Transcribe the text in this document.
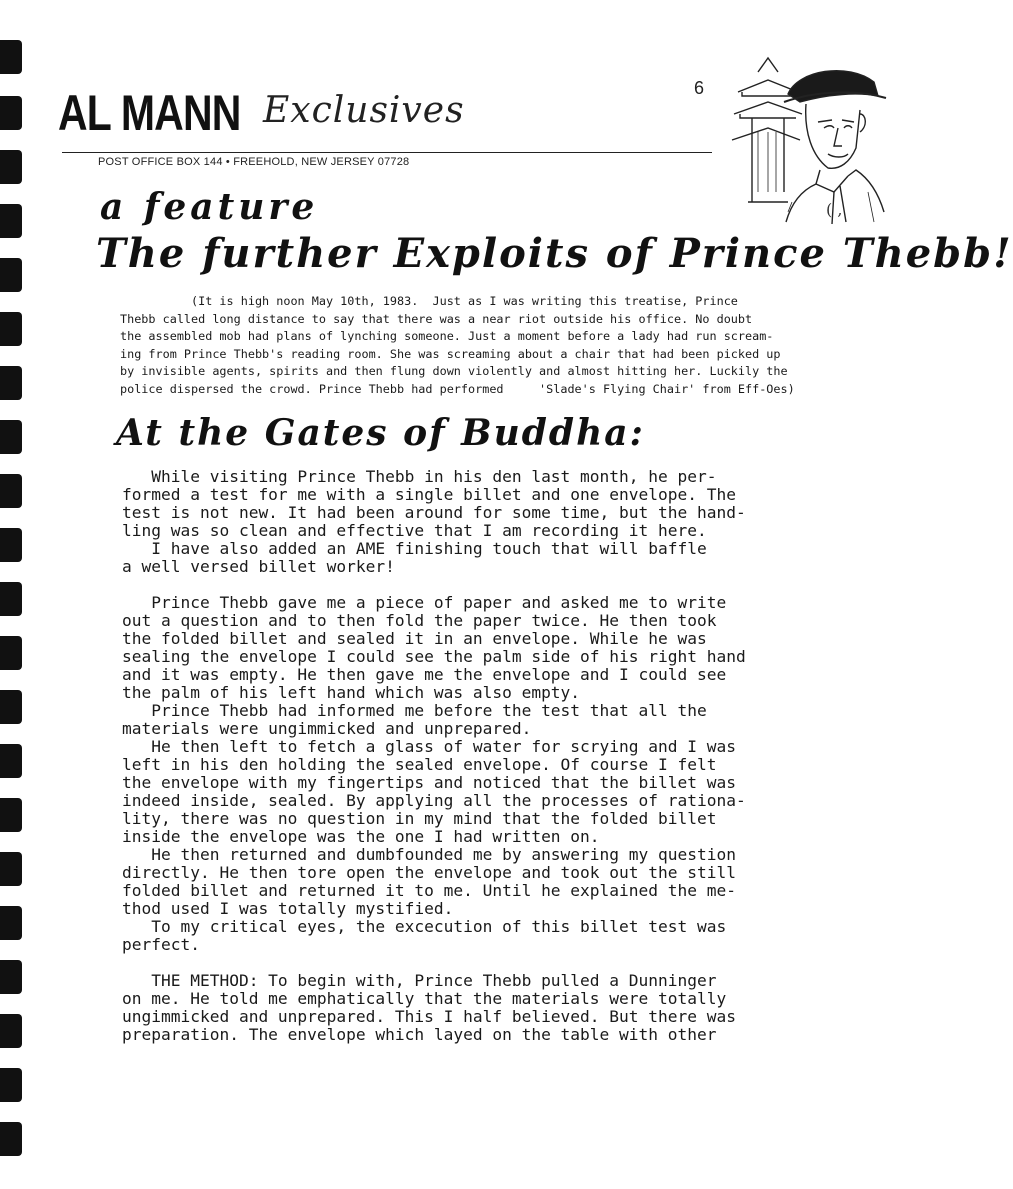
AL MANN Exclusives
POST OFFICE BOX 144 • FREEHOLD, NEW JERSEY 07728
6
a feature
The further Exploits of Prince Thebb!
( ,
(It is high noon May 10th, 1983.  Just as I was writing this treatise, Prince
Thebb called long distance to say that there was a near riot outside his office. No doubt
the assembled mob had plans of lynching someone. Just a moment before a lady had run scream-
ing from Prince Thebb's reading room. She was screaming about a chair that had been picked up
by invisible agents, spirits and then flung down violently and almost hitting her. Luckily the
police dispersed the crowd. Prince Thebb had performed     'Slade's Flying Chair' from Eff-Oes)
At the Gates of Buddha:

While visiting Prince Thebb in his den last month, he per-
formed a test for me with a single billet and one envelope. The
test is not new. It had been around for some time, but the hand-
ling was so clean and effective that I am recording it here.
I have also added an AME finishing touch that will baffle
a well versed billet worker!

Prince Thebb gave me a piece of paper and asked me to write
out a question and to then fold the paper twice. He then took
the folded billet and sealed it in an envelope. While he was
sealing the envelope I could see the palm side of his right hand
and it was empty. He then gave me the envelope and I could see
the palm of his left hand which was also empty.
Prince Thebb had informed me before the test that all the
materials were ungimmicked and unprepared.
He then left to fetch a glass of water for scrying and I was
left in his den holding the sealed envelope. Of course I felt
the envelope with my fingertips and noticed that the billet was
indeed inside, sealed. By applying all the processes of rationa-
lity, there was no question in my mind that the folded billet
inside the envelope was the one I had written on.
He then returned and dumbfounded me by answering my question
directly. He then tore open the envelope and took out the still
folded billet and returned it to me. Until he explained the me-
thod used I was totally mystified.
To my critical eyes, the excecution of this billet test was
perfect.

THE METHOD: To begin with, Prince Thebb pulled a Dunninger
on me. He told me emphatically that the materials were totally
ungimmicked and unprepared. This I half believed. But there was
preparation. The envelope which layed on the table with other
